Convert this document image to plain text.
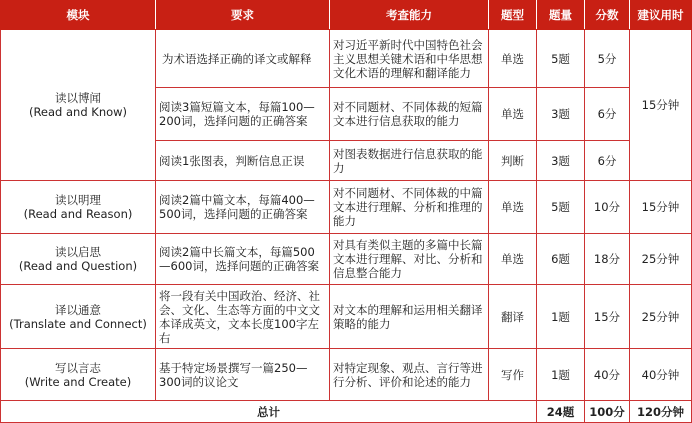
模块	要求	考查能力	题型	题量	分数	建议用时

读以博闻
(Read and Know)	为术语选择正确的译文或解释	对习近平新时代中国特色社会主义思想关键术语和中华思想文化术语的理解和翻译能力	单选	5题	5分	15分钟
	阅读3篇短篇文本，每篇100—200词，选择问题的正确答案	对不同题材、不同体裁的短篇文本进行信息获取的能力	单选	3题	6分	
	阅读1张图表，判断信息正误	对图表数据进行信息获取的能力	判断	3题	6分	

读以明理
(Read and Reason)	阅读2篇中篇文本，每篇400—500词，选择问题的正确答案	对不同题材、不同体裁的中篇文本进行理解、分析和推理的能力	单选	5题	10分	15分钟

读以启思
(Read and Question)	阅读2篇中长篇文本，每篇500—600词，选择问题的正确答案	对具有类似主题的多篇中长篇文本进行理解、对比、分析和信息整合能力	单选	6题	18分	25分钟

译以通意
(Translate and Connect)	将一段有关中国政治、经济、社会、文化、生态等方面的中文文本译成英文，文本长度100字左右	对文本的理解和运用相关翻译策略的能力	翻译	1题	15分	25分钟

写以言志
(Write and Create)	基于特定场景撰写一篇250—300词的议论文	对特定现象、观点、言行等进行分析、评价和论述的能力	写作	1题	40分	40分钟
总计				24题	100分	120分钟
